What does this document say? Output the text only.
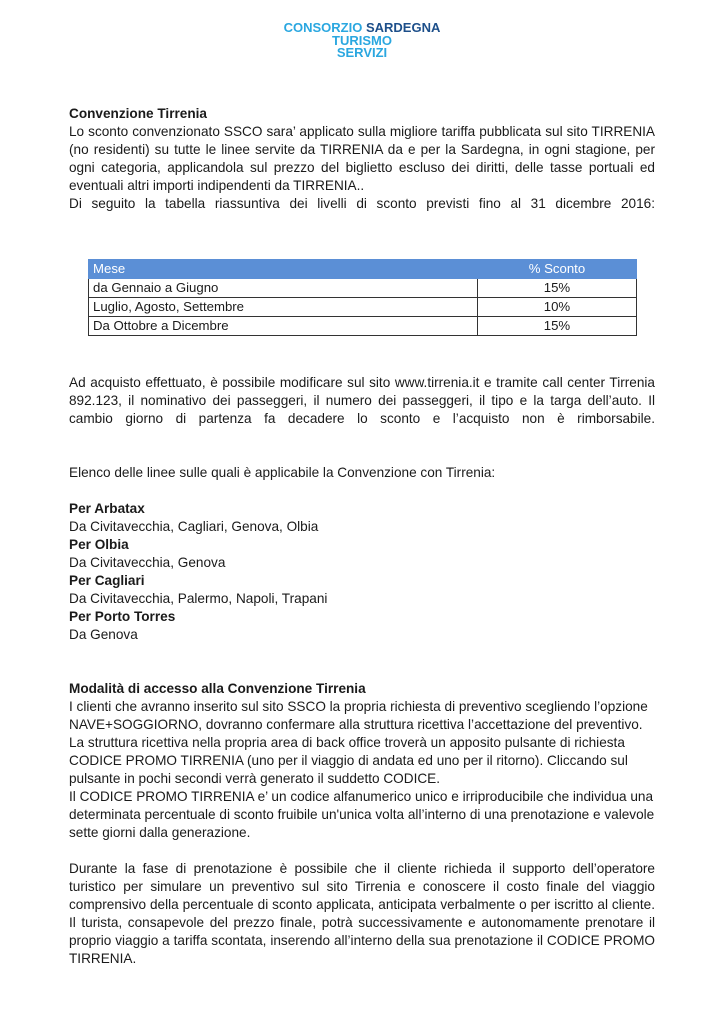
CONSORZIO SARDEGNA
TURISMO
SERVIZI

Convenzione Tirrenia

Lo sconto convenzionato SSCO sara’ applicato sulla migliore tariffa pubblicata sul sito TIRRENIA (no residenti) su tutte le linee servite da TIRRENIA da e per la Sardegna, in ogni stagione, per ogni categoria, applicandola sul prezzo del biglietto escluso dei diritti, delle tasse portuali ed eventuali altri importi indipendenti da TIRRENIA..

Di seguito la tabella riassuntiva dei livelli di sconto previsti fino al 31 dicembre 2016:

Mese	% Sconto
da Gennaio a Giugno	15%
Luglio, Agosto, Settembre	10%
Da Ottobre a Dicembre	15%

Ad acquisto effettuato, è possibile modificare sul sito www.tirrenia.it e tramite call center Tirrenia 892.123, il nominativo dei passeggeri, il numero dei passeggeri, il tipo e la targa dell’auto. Il cambio giorno di partenza fa decadere lo sconto e l’acquisto non è rimborsabile.

Elenco delle linee sulle quali è applicabile la Convenzione con Tirrenia:

Per Arbatax

Da Civitavecchia, Cagliari, Genova, Olbia

Per Olbia

Da Civitavecchia, Genova

Per Cagliari

Da Civitavecchia, Palermo, Napoli, Trapani

Per Porto Torres

Da Genova

Modalità di accesso alla Convenzione Tirrenia

I clienti che avranno inserito sul sito SSCO la propria richiesta di preventivo scegliendo l’opzione NAVE+SOGGIORNO, dovranno confermare alla struttura ricettiva l’accettazione del preventivo.

La struttura ricettiva nella propria area di back office troverà un apposito pulsante di richiesta CODICE PROMO TIRRENIA (uno per il viaggio di andata ed uno per il ritorno). Cliccando sul pulsante in pochi secondi verrà generato il suddetto CODICE.

Il CODICE PROMO TIRRENIA e’ un codice alfanumerico unico e irriproducibile che individua una determinata percentuale di sconto fruibile un'unica volta all’interno di una prenotazione e valevole sette giorni dalla generazione.

Durante la fase di prenotazione è possibile che il cliente richieda il supporto dell’operatore turistico per simulare un preventivo sul sito Tirrenia e conoscere il costo finale del viaggio comprensivo della percentuale di sconto applicata, anticipata verbalmente o per iscritto al cliente. Il turista, consapevole del prezzo finale, potrà successivamente e autonomamente prenotare il proprio viaggio a tariffa scontata, inserendo all’interno della sua prenotazione il CODICE PROMO TIRRENIA.
